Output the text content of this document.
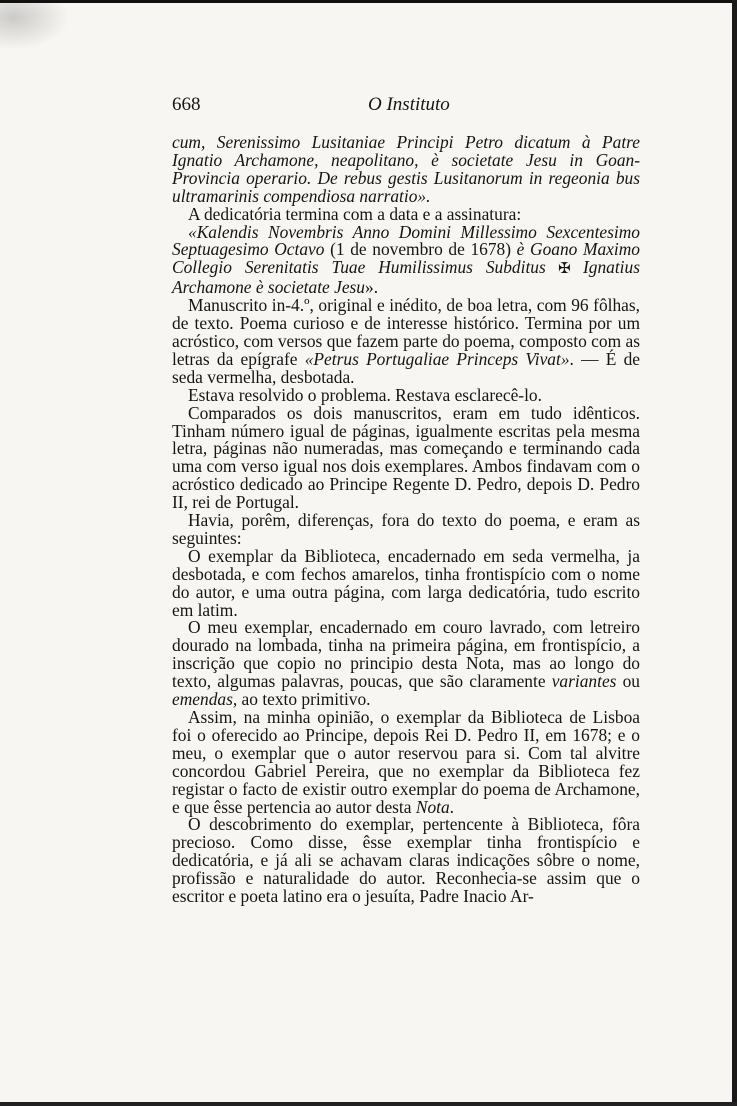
668	O Instituto

cum, Serenissimo Lusitaniae Principi Petro dicatum à Patre Ignatio Archamone, neapolitano, è societate Jesu in Goan-Provincia operario. De rebus gestis Lusitanorum in regeonia bus ultramarinis compendiosa narratio».

A dedicatória termina com a data e a assinatura:

«Kalendis Novembris Anno Domini Millessimo Sexcentesimo Septuagesimo Octavo (1 de novembro de 1678) è Goano Maximo Collegio Serenitatis Tuae Humilissimus Subditus ✠ Ignatius Archamone è societate Jesu».

Manuscrito in-4.º, original e inédito, de boa letra, com 96 fôlhas, de texto. Poema curioso e de interesse histórico. Termina por um acróstico, com versos que fazem parte do poema, composto com as letras da epígrafe «Petrus Portugaliae Princeps Vivat». — É de seda vermelha, desbotada.

Estava resolvido o problema. Restava esclarecê-lo.

Comparados os dois manuscritos, eram em tudo idênticos. Tinham número igual de páginas, igualmente escritas pela mesma letra, páginas não numeradas, mas começando e terminando cada uma com verso igual nos dois exemplares. Ambos findavam com o acróstico dedicado ao Principe Regente D. Pedro, depois D. Pedro II, rei de Portugal.

Havia, porêm, diferenças, fora do texto do poema, e eram as seguintes:

O exemplar da Biblioteca, encadernado em seda vermelha, ja desbotada, e com fechos amarelos, tinha frontispício com o nome do autor, e uma outra página, com larga dedicatória, tudo escrito em latim.

O meu exemplar, encadernado em couro lavrado, com letreiro dourado na lombada, tinha na primeira página, em frontispício, a inscrição que copio no principio desta Nota, mas ao longo do texto, algumas palavras, poucas, que são claramente variantes ou emendas, ao texto primitivo.

Assim, na minha opinião, o exemplar da Biblioteca de Lisboa foi o oferecido ao Principe, depois Rei D. Pedro II, em 1678; e o meu, o exemplar que o autor reservou para si. Com tal alvitre concordou Gabriel Pereira, que no exemplar da Biblioteca fez registar o facto de existir outro exemplar do poema de Archamone, e que êsse pertencia ao autor desta Nota.

O descobrimento do exemplar, pertencente à Biblioteca, fôra precioso. Como disse, êsse exemplar tinha frontispício e dedicatória, e já ali se achavam claras indicações sôbre o nome, profissão e naturalidade do autor. Reconhecia-se assim que o escritor e poeta latino era o jesuíta, Padre Inacio Ar-
